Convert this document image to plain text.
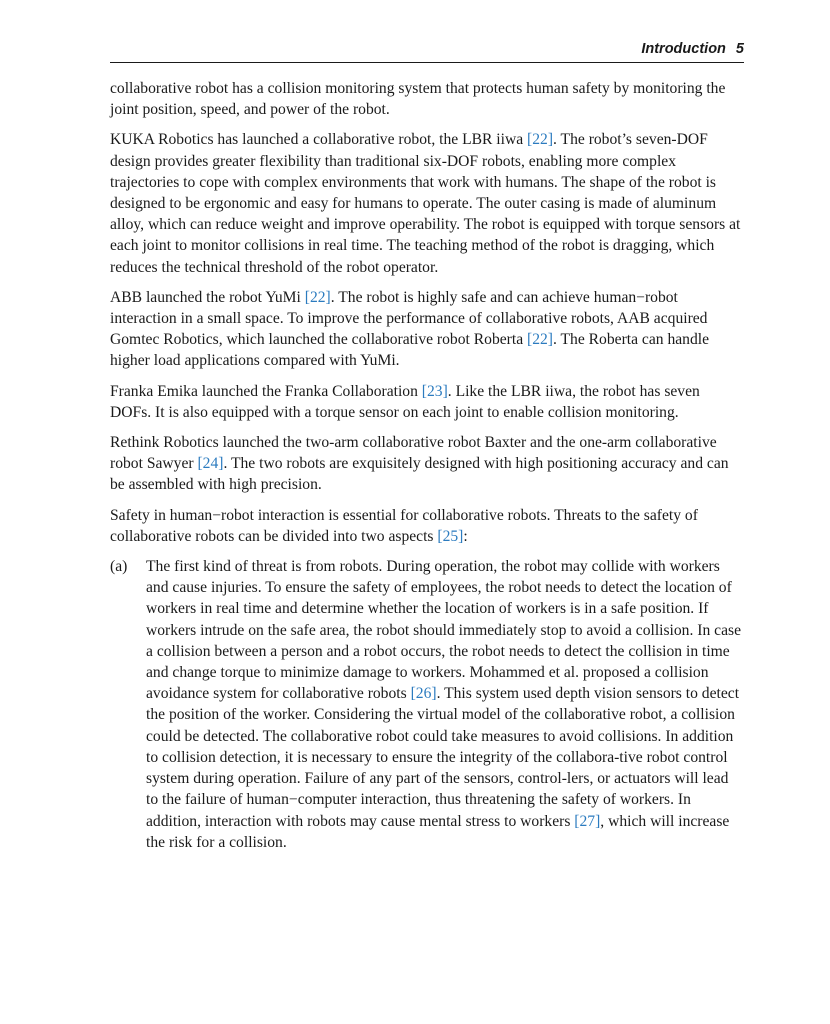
Introduction 5

collaborative robot has a collision monitoring system that protects human safety by monitoring the joint position, speed, and power of the robot.

KUKA Robotics has launched a collaborative robot, the LBR iiwa [22]. The robot’s seven-DOF design provides greater flexibility than traditional six-DOF robots, enabling more complex trajectories to cope with complex environments that work with humans. The shape of the robot is designed to be ergonomic and easy for humans to operate. The outer casing is made of aluminum alloy, which can reduce weight and improve operability. The robot is equipped with torque sensors at each joint to monitor collisions in real time. The teaching method of the robot is dragging, which reduces the technical threshold of the robot operator.

ABB launched the robot YuMi [22]. The robot is highly safe and can achieve human−robot interaction in a small space. To improve the performance of collaborative robots, AAB acquired Gomtec Robotics, which launched the collaborative robot Roberta [22]. The Roberta can handle higher load applications compared with YuMi.

Franka Emika launched the Franka Collaboration [23]. Like the LBR iiwa, the robot has seven DOFs. It is also equipped with a torque sensor on each joint to enable collision monitoring.

Rethink Robotics launched the two-arm collaborative robot Baxter and the one-arm collaborative robot Sawyer [24]. The two robots are exquisitely designed with high positioning accuracy and can be assembled with high precision.

Safety in human−robot interaction is essential for collaborative robots. Threats to the safety of collaborative robots can be divided into two aspects [25]:

(a)	The first kind of threat is from robots. During operation, the robot may collide with workers and cause injuries. To ensure the safety of employees, the robot needs to detect the location of workers in real time and determine whether the location of workers is in a safe position. If workers intrude on the safe area, the robot should immediately stop to avoid a collision. In case a collision between a person and a robot occurs, the robot needs to detect the collision in time and change torque to minimize damage to workers. Mohammed et al. proposed a collision avoidance system for collaborative robots [26]. This system used depth vision sensors to detect the position of the worker. Considering the virtual model of the collaborative robot, a collision could be detected. The collaborative robot could take measures to avoid collisions. In addition to collision detection, it is necessary to ensure the integrity of the collabora-tive robot control system during operation. Failure of any part of the sensors, control-lers, or actuators will lead to the failure of human−computer interaction, thus threatening the safety of workers. In addition, interaction with robots may cause mental stress to workers [27], which will increase the risk for a collision.
